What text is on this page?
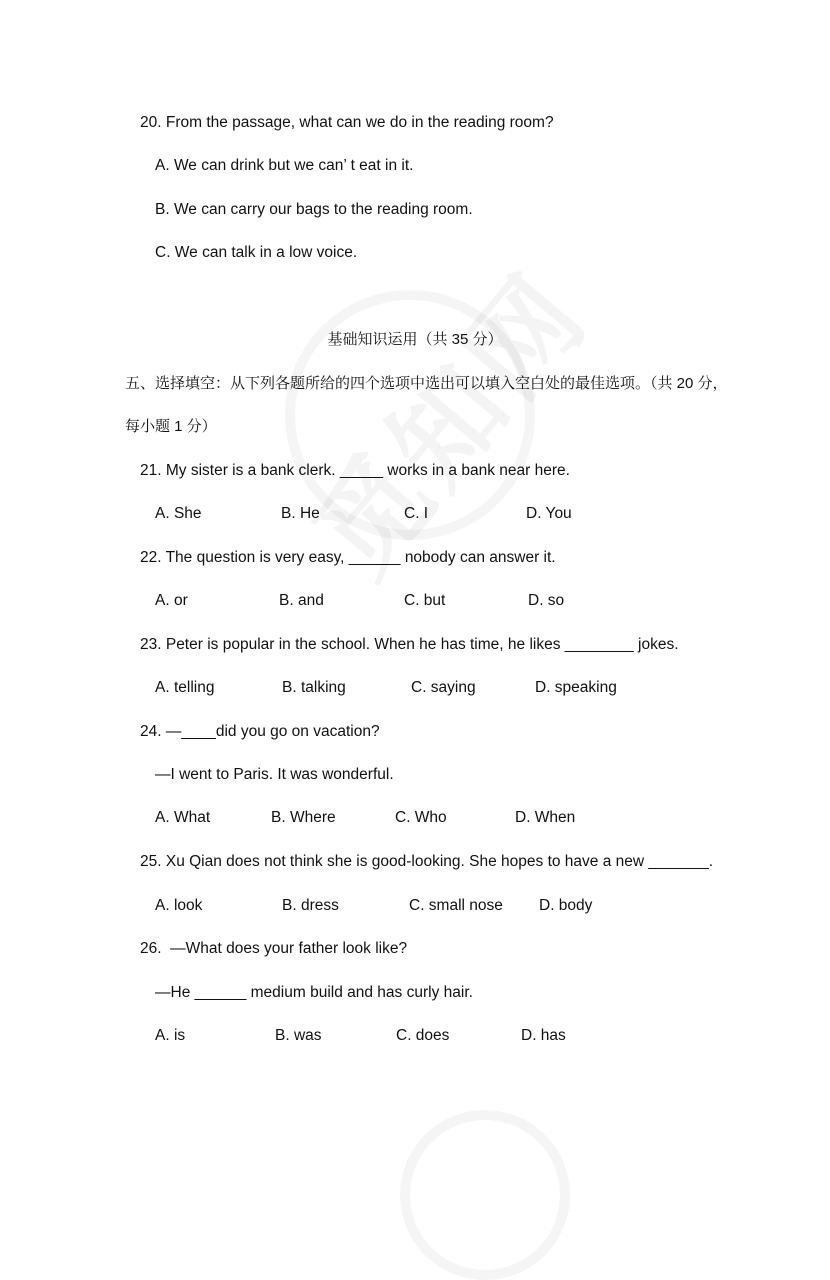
20. From the passage, what can we do in the reading room?
A. We can drink but we can’ t eat in it.
B. We can carry our bags to the reading room.
C. We can talk in a low voice.
基础知识运用（共 35 分）
五、选择填空：从下列各题所给的四个选项中选出可以填入空白处的最佳选项。（共 20 分，
每小题 1 分）
21. My sister is a bank clerk. _____ works in a bank near here.
A. She	B. He	C. I	D. You
22. The question is very easy, ______ nobody can answer it.
A. or	B. and	C. but	D. so
23. Peter is popular in the school. When he has time, he likes ________ jokes.
A. telling	B. talking	C. saying	D. speaking
24. —____did you go on vacation?
—I went to Paris. It was wonderful.
A. What	B. Where	C. Who	D. When
25. Xu Qian does not think she is good-looking. She hopes to have a new _______.
A. look	B. dress	C. small nose D. body
26.  —What does your father look like?
—He ______ medium build and has curly hair.
A. is	B. was	C. does	D. has
